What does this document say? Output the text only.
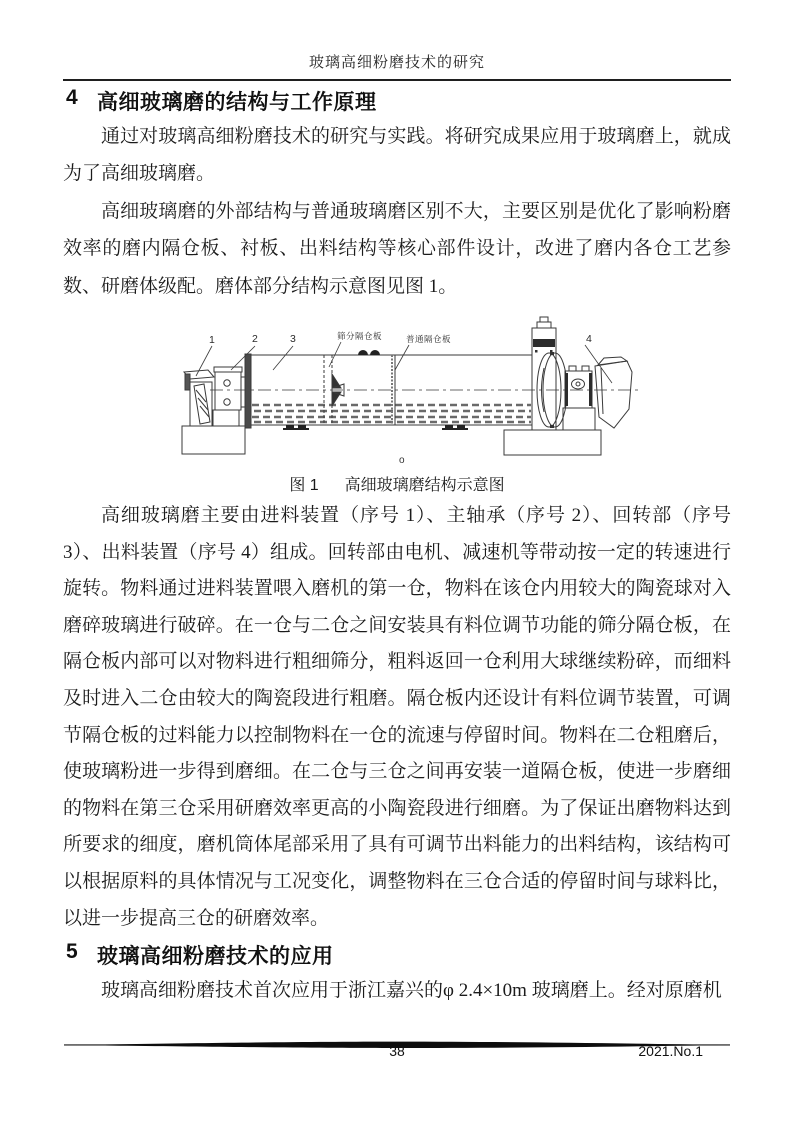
玻璃高细粉磨技术的研究
4 高细玻璃磨的结构与工作原理
通过对玻璃高细粉磨技术的研究与实践。将研究成果应用于玻璃磨上，就成为了高细玻璃磨。
高细玻璃磨的外部结构与普通玻璃磨区别不大，主要区别是优化了影响粉磨效率的磨内隔仓板、衬板、出料结构等核心部件设计，改进了磨内各仓工艺参数、研磨体级配。磨体部分结构示意图见图 1。
1	2	3	4
筛分隔仓板	普通隔仓板
o
图 1 高细玻璃磨结构示意图
高细玻璃磨主要由进料装置（序号 1）、主轴承（序号 2）、回转部（序号 3）、出料装置（序号 4）组成。回转部由电机、减速机等带动按一定的转速进行旋转。物料通过进料装置喂入磨机的第一仓，物料在该仓内用较大的陶瓷球对入磨碎玻璃进行破碎。在一仓与二仓之间安装具有料位调节功能的筛分隔仓板，在隔仓板内部可以对物料进行粗细筛分，粗料返回一仓利用大球继续粉碎，而细料及时进入二仓由较大的陶瓷段进行粗磨。隔仓板内还设计有料位调节装置，可调节隔仓板的过料能力以控制物料在一仓的流速与停留时间。物料在二仓粗磨后，使玻璃粉进一步得到磨细。在二仓与三仓之间再安装一道隔仓板，使进一步磨细的物料在第三仓采用研磨效率更高的小陶瓷段进行细磨。为了保证出磨物料达到所要求的细度，磨机筒体尾部采用了具有可调节出料能力的出料结构，该结构可以根据原料的具体情况与工况变化，调整物料在三仓合适的停留时间与球料比，以进一步提高三仓的研磨效率。
5 玻璃高细粉磨技术的应用
玻璃高细粉磨技术首次应用于浙江嘉兴的φ 2.4×10m 玻璃磨上。经对原磨机
38	2021.No.1
